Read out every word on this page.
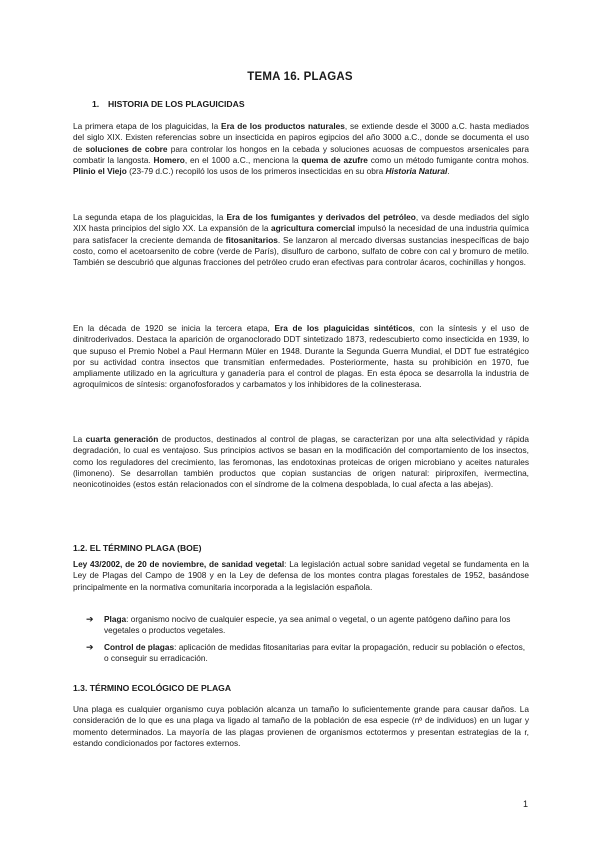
TEMA 16. PLAGAS
1. HISTORIA DE LOS PLAGUICIDAS

La primera etapa de los plaguicidas, la Era de los productos naturales, se extiende desde el 3000 a.C. hasta mediados del siglo XIX. Existen referencias sobre un insecticida en papiros egipcios del año 3000 a.C., donde se documenta el uso de soluciones de cobre para controlar los hongos en la cebada y soluciones acuosas de compuestos arsenicales para combatir la langosta. Homero, en el 1000 a.C., menciona la quema de azufre como un método fumigante contra mohos. Plinio el Viejo (23-79 d.C.) recopiló los usos de los primeros insecticidas en su obra Historia Natural.

La segunda etapa de los plaguicidas, la Era de los fumigantes y derivados del petróleo, va desde mediados del siglo XIX hasta principios del siglo XX. La expansión de la agricultura comercial impulsó la necesidad de una industria química para satisfacer la creciente demanda de fitosanitarios. Se lanzaron al mercado diversas sustancias inespecíficas de bajo costo, como el acetoarsenito de cobre (verde de París), disulfuro de carbono, sulfato de cobre con cal y bromuro de metilo. También se descubrió que algunas fracciones del petróleo crudo eran efectivas para controlar ácaros, cochinillas y hongos.

En la década de 1920 se inicia la tercera etapa, Era de los plaguicidas sintéticos, con la síntesis y el uso de dinitroderivados. Destaca la aparición de organoclorado DDT sintetizado 1873, redescubierto como insecticida en 1939, lo que supuso el Premio Nobel a Paul Hermann Müler en 1948. Durante la Segunda Guerra Mundial, el DDT fue estratégico por su actividad contra insectos que transmitían enfermedades. Posteriormente, hasta su prohibición en 1970, fue ampliamente utilizado en la agricultura y ganadería para el control de plagas. En esta época se desarrolla la industria de agroquímicos de síntesis: organofosforados y carbamatos y los inhibidores de la colinesterasa.

La cuarta generación de productos, destinados al control de plagas, se caracterizan por una alta selectividad y rápida degradación, lo cual es ventajoso. Sus principios activos se basan en la modificación del comportamiento de los insectos, como los reguladores del crecimiento, las feromonas, las endotoxinas proteicas de origen microbiano y aceites naturales (limoneno). Se desarrollan también productos que copian sustancias de origen natural: piriproxifen, ivermectina, neonicotinoides (estos están relacionados con el síndrome de la colmena despoblada, lo cual afecta a las abejas).

1.2. EL TÉRMINO PLAGA (BOE)

Ley 43/2002, de 20 de noviembre, de sanidad vegetal: La legislación actual sobre sanidad vegetal se fundamenta en la Ley de Plagas del Campo de 1908 y en la Ley de defensa de los montes contra plagas forestales de 1952, basándose principalmente en la normativa comunitaria incorporada a la legislación española.

➔ Plaga: organismo nocivo de cualquier especie, ya sea animal o vegetal, o un agente patógeno dañino para los vegetales o productos vegetales.
➔ Control de plagas: aplicación de medidas fitosanitarias para evitar la propagación, reducir su población o efectos, o conseguir su erradicación.
1.3. TÉRMINO ECOLÓGICO DE PLAGA

Una plaga es cualquier organismo cuya población alcanza un tamaño lo suficientemente grande para causar daños. La consideración de lo que es una plaga va ligado al tamaño de la población de esa especie (nº de individuos) en un lugar y momento determinados. La mayoría de las plagas provienen de organismos ectotermos y presentan estrategias de la r, estando condicionados por factores externos.

1
